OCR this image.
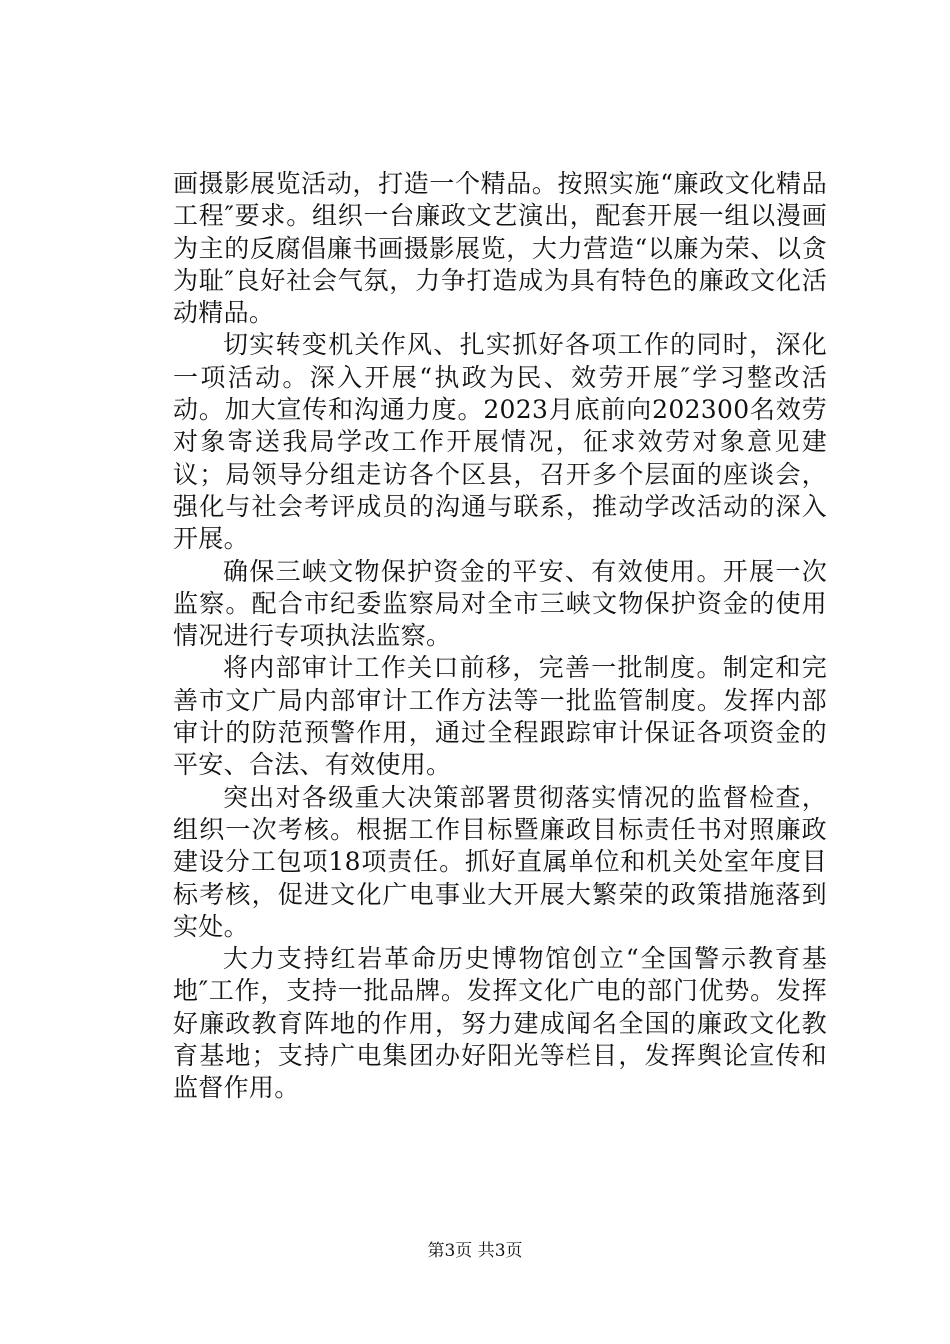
画摄影展览活动，打造一个精品。按照实施“廉政文化精品工程″要求。组织一台廉政文艺演出，配套开展一组以漫画为主的反腐倡廉书画摄影展览，大力营造“以廉为荣、以贪为耻″良好社会气氛，力争打造成为具有特色的廉政文化活动精品。

切实转变机关作风、扎实抓好各项工作的同时，深化一项活动。深入开展“执政为民、效劳开展″学习整改活动。加大宣传和沟通力度。2023月底前向202300名效劳对象寄送我局学改工作开展情况，征求效劳对象意见建议；局领导分组走访各个区县，召开多个层面的座谈会，强化与社会考评成员的沟通与联系，推动学改活动的深入开展。

确保三峡文物保护资金的平安、有效使用。开展一次监察。配合市纪委监察局对全市三峡文物保护资金的使用情况进行专项执法监察。

将内部审计工作关口前移，完善一批制度。制定和完善市文广局内部审计工作方法等一批监管制度。发挥内部审计的防范预警作用，通过全程跟踪审计保证各项资金的平安、合法、有效使用。

突出对各级重大决策部署贯彻落实情况的监督检查，组织一次考核。根据工作目标暨廉政目标责任书对照廉政建设分工包项18项责任。抓好直属单位和机关处室年度目标考核，促进文化广电事业大开展大繁荣的政策措施落到实处。

大力支持红岩革命历史博物馆创立“全国警示教育基地″工作，支持一批品牌。发挥文化广电的部门优势。发挥好廉政教育阵地的作用，努力建成闻名全国的廉政文化教育基地；支持广电集团办好阳光等栏目，发挥舆论宣传和监督作用。

第3页 共3页
